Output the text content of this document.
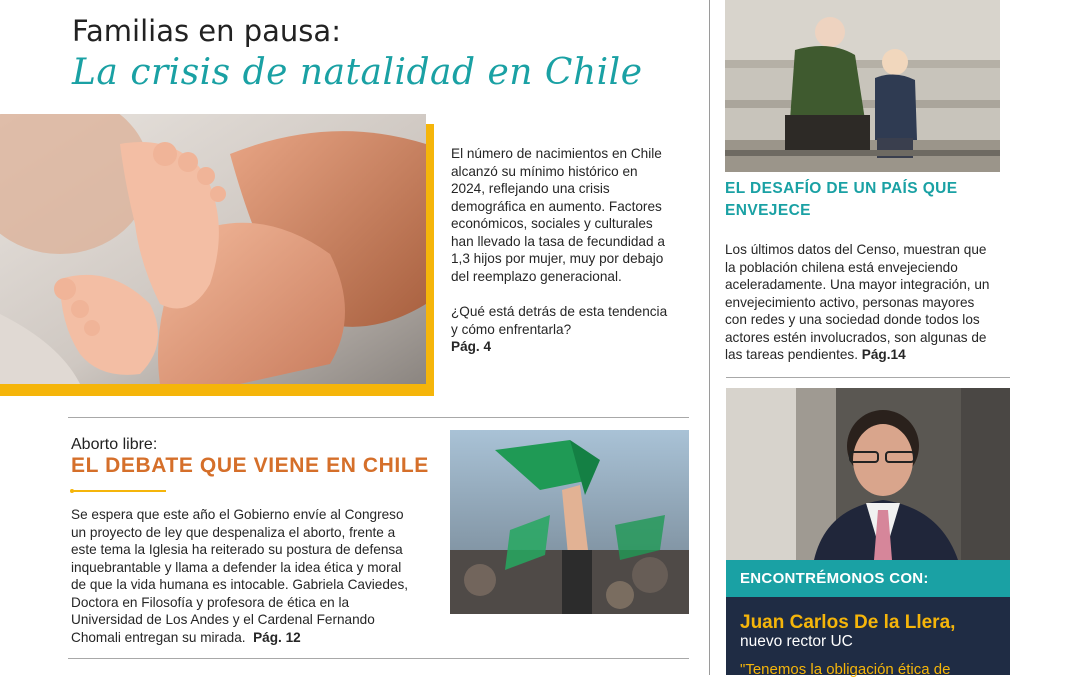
Familias en pausa:
La crisis de natalidad en Chile
El número de nacimientos en Chile alcanzó su mínimo histórico en 2024, reflejando una crisis demográfica en aumento. Factores económicos, sociales y culturales han llevado la tasa de fecundidad a 1,3 hijos por mujer, muy por debajo del reemplazo generacional.
¿Qué está detrás de esta tendencia y cómo enfrentarla?
Pág. 4
Aborto libre:
EL DEBATE QUE VIENE EN CHILE
Se espera que este año el Gobierno envíe al Congreso un proyecto de ley que despenaliza el aborto, frente a este tema la Iglesia ha reiterado su postura de defensa inquebrantable y llama a defender la idea ética y moral de que la vida humana es intocable. Gabriela Caviedes, Doctora en Filosofía y profesora de ética en la Universidad de Los Andes y el Cardenal Fernando Chomali entregan su mirada. Pág. 12
EL DESAFÍO DE UN PAÍS QUE ENVEJECE
Los últimos datos del Censo, muestran que la población chilena está envejeciendo aceleradamente. Una mayor integración, un envejecimiento activo, personas mayores con redes y una sociedad donde todos los actores estén involucrados, son algunas de las tareas pendientes. Pág.14
ENCONTRÉMONOS CON:
Juan Carlos De la Llera,
nuevo rector UC
"Tenemos la obligación ética de
